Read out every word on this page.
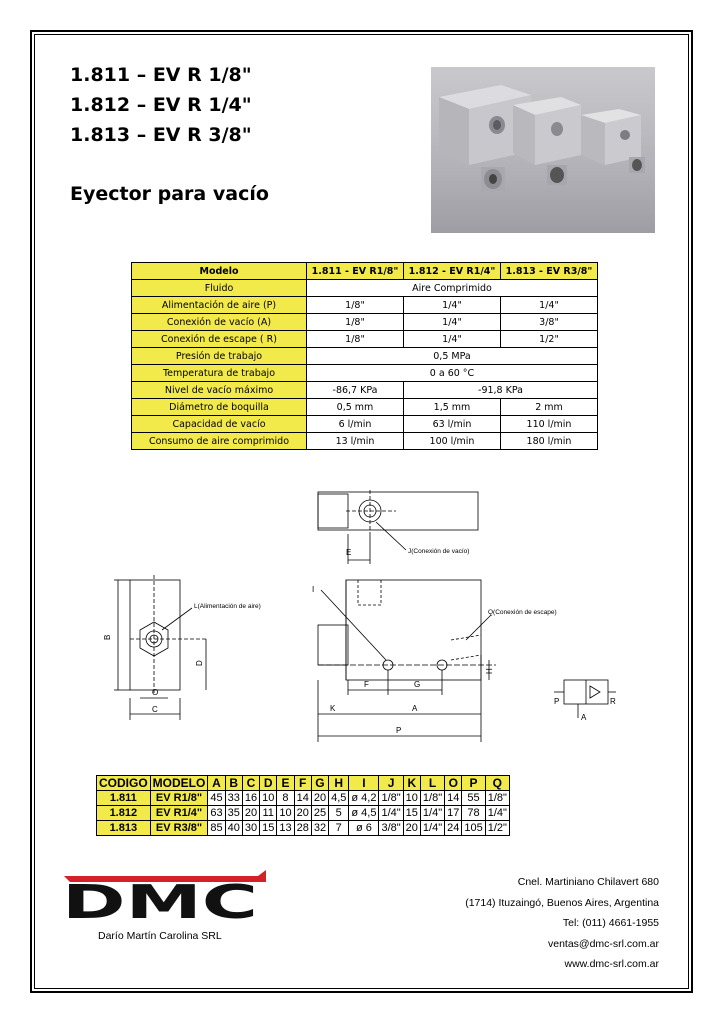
1.811 – EV R 1/8"
1.812 – EV R 1/4"
1.813 – EV R 3/8"
Eyector para vacío
Modelo	1.811 - EV R1/8"	1.812 - EV R1/4"	1.813 - EV R3/8"
Fluido	Aire Comprimido		
Alimentación de aire (P)	1/8"	1/4"	1/4"
Conexión de vacío (A)	1/8"	1/4"	3/8"
Conexión de escape ( R)	1/8"	1/4"	1/2"
Presión de trabajo	0,5 MPa		
Temperatura de trabajo	0 a 60 °C		
Nivel de vacío máximo	-86,7 KPa	-91,8 KPa	
Diámetro de boquilla	0,5 mm	1,5 mm	2 mm
Capacidad de vacío	6 l/min	63 l/min	110 l/min
Consumo de aire comprimido	13 l/min	100 l/min	180 l/min
E	J(Conexión de vacío)
B
D
O
C
L(Alimentación de aire)
I
Q(Conexión de escape)
F	G
H
K	A
P
P	R
A
CODIGO	MODELO	A	B	C	D	E	F	G	H	I	J	K	L	O	P	Q
1.811	EV R1/8"	45	33	16	10	8	14	20	4,5	ø 4,2	1/8"	10	1/8"	14	55	1/8"
1.812	EV R1/4"	63	35	20	11	10	20	25	5	ø 4,5	1/4"	15	1/4"	17	78	1/4"
1.813	EV R3/8"	85	40	30	15	13	28	32	7	ø 6	3/8"	20	1/4"	24	105	1/2"
DMC
Darío Martín Carolina SRL
Cnel. Martiniano Chilavert 680
(1714) Ituzaingó, Buenos Aires, Argentina
Tel: (011) 4661-1955
ventas@dmc-srl.com.ar
www.dmc-srl.com.ar
